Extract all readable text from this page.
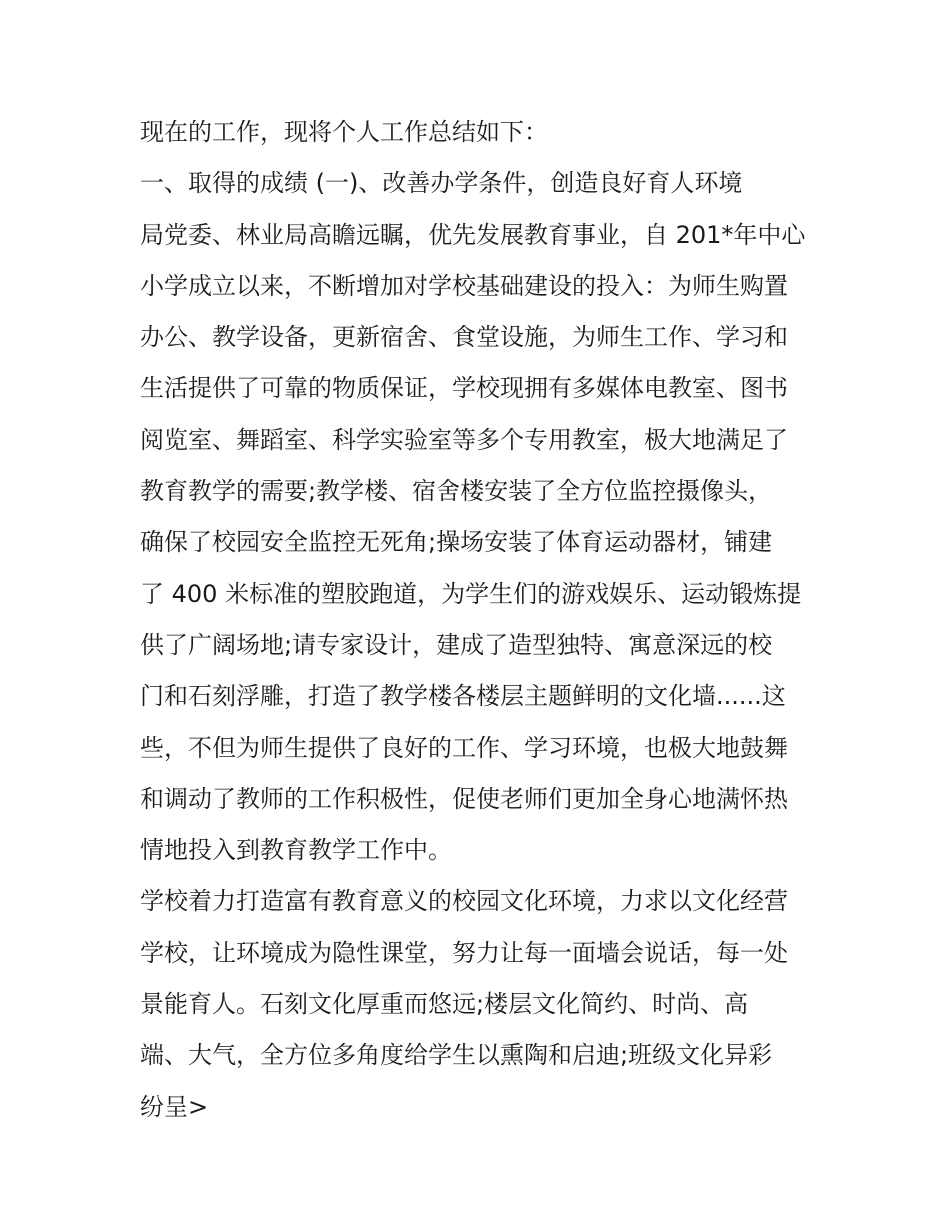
现在的工作，现将个人工作总结如下：
一、取得的成绩 (一)、改善办学条件，创造良好育人环境
局党委、林业局高瞻远瞩，优先发展教育事业，自 201*年中心
小学成立以来，不断增加对学校基础建设的投入：为师生购置
办公、教学设备，更新宿舍、食堂设施，为师生工作、学习和
生活提供了可靠的物质保证，学校现拥有多媒体电教室、图书
阅览室、舞蹈室、科学实验室等多个专用教室，极大地满足了
教育教学的需要;教学楼、宿舍楼安装了全方位监控摄像头，
确保了校园安全监控无死角;操场安装了体育运动器材，铺建
了 400 米标准的塑胶跑道，为学生们的游戏娱乐、运动锻炼提
供了广阔场地;请专家设计，建成了造型独特、寓意深远的校
门和石刻浮雕，打造了教学楼各楼层主题鲜明的文化墙......这
些，不但为师生提供了良好的工作、学习环境，也极大地鼓舞
和调动了教师的工作积极性，促使老师们更加全身心地满怀热
情地投入到教育教学工作中。
学校着力打造富有教育意义的校园文化环境，力求以文化经营
学校，让环境成为隐性课堂，努力让每一面墙会说话，每一处
景能育人。石刻文化厚重而悠远;楼层文化简约、时尚、高
端、大气，全方位多角度给学生以熏陶和启迪;班级文化异彩
纷呈>
